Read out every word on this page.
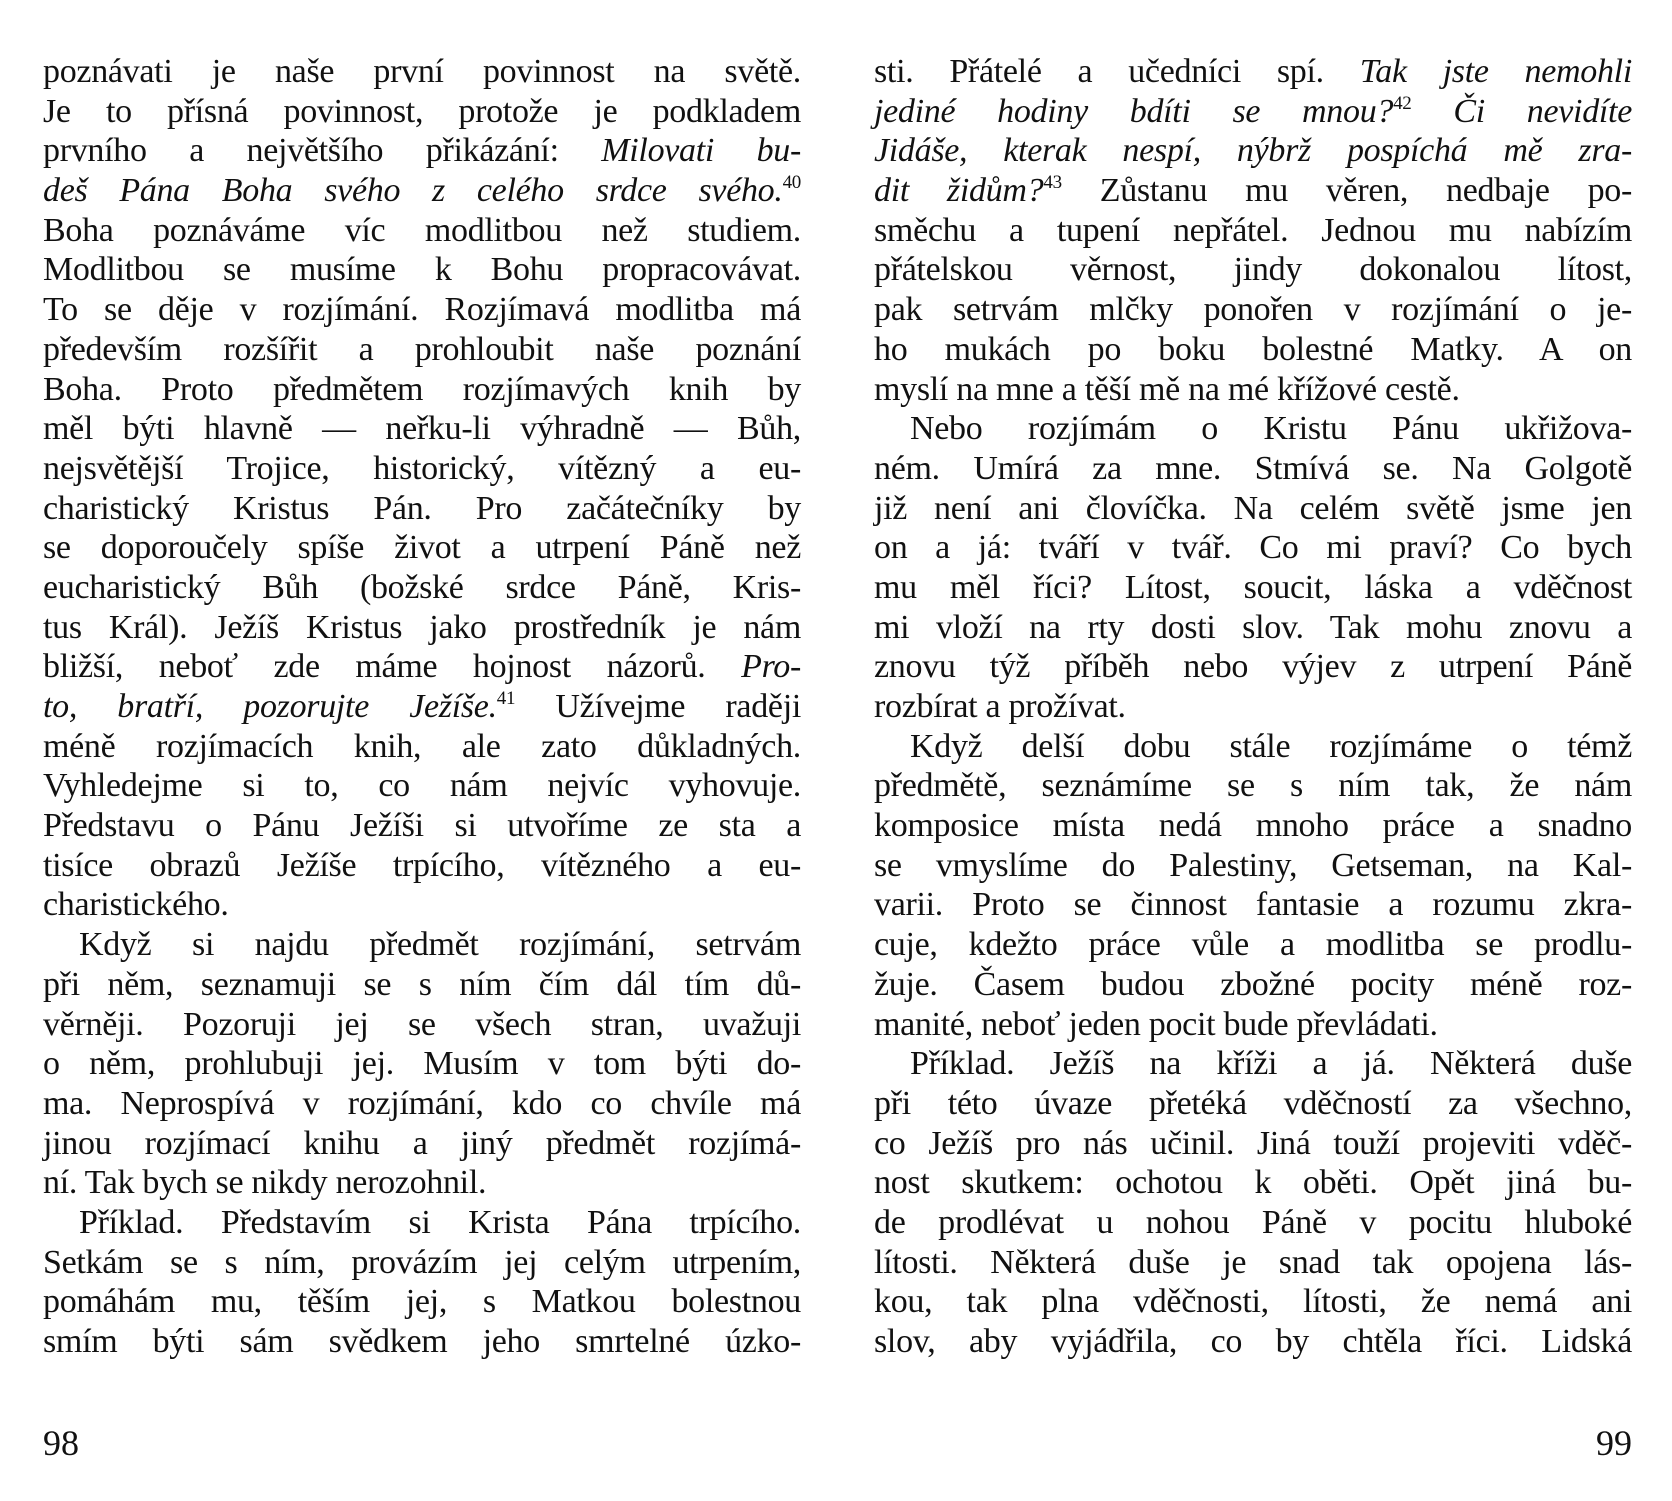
poznávati je naše první povinnost na světě.
Je to přísná povinnost, protože je podkladem
prvního a největšího přikázání: Milovati bu-
deš Pána Boha svého z celého srdce svého.$^{40}$
Boha poznáváme víc modlitbou než studiem.
Modlitbou se musíme k Bohu propracovávat.
To se děje v rozjímání. Rozjímavá modlitba má
především rozšířit a prohloubit naše poznání
Boha. Proto předmětem rozjímavých knih by
měl býti hlavně — neřku-li výhradně — Bůh,
nejsvětější Trojice, historický, vítězný a eu-
charistický Kristus Pán. Pro začátečníky by
se doporoučely spíše život a utrpení Páně než
eucharistický Bůh (božské srdce Páně, Kris-
tus Král). Ježíš Kristus jako prostředník je nám
bližší, neboť zde máme hojnost názorů. Pro-
to, bratří, pozorujte Ježíše.$^{41}$ Užívejme raději
méně rozjímacích knih, ale zato důkladných.
Vyhledejme si to, co nám nejvíc vyhovuje.
Představu o Pánu Ježíši si utvoříme ze sta a
tisíce obrazů Ježíše trpícího, vítězného a eu-
charistického.
Když si najdu předmět rozjímání, setrvám
při něm, seznamuji se s ním čím dál tím dů-
věrněji. Pozoruji jej se všech stran, uvažuji
o něm, prohlubuji jej. Musím v tom býti do-
ma. Neprospívá v rozjímání, kdo co chvíle má
jinou rozjímací knihu a jiný předmět rozjímá-
ní. Tak bych se nikdy nerozohnil.
Příklad. Představím si Krista Pána trpícího.
Setkám se s ním, provázím jej celým utrpením,
pomáhám mu, těším jej, s Matkou bolestnou
smím býti sám svědkem jeho smrtelné úzko-
sti. Přátelé a učedníci spí. Tak jste nemohli
jediné hodiny bdíti se mnou?$^{42}$ Či nevidíte
Jidáše, kterak nespí, nýbrž pospíchá mě zra-
dit židům?$^{43}$ Zůstanu mu věren, nedbaje po-
směchu a tupení nepřátel. Jednou mu nabízím
přátelskou věrnost, jindy dokonalou lítost,
pak setrvám mlčky ponořen v rozjímání o je-
ho mukách po boku bolestné Matky. A on
myslí na mne a těší mě na mé křížové cestě.
Nebo rozjímám o Kristu Pánu ukřižova-
ném. Umírá za mne. Stmívá se. Na Golgotě
již není ani človíčka. Na celém světě jsme jen
on a já: tváří v tvář. Co mi praví? Co bych
mu měl říci? Lítost, soucit, láska a vděčnost
mi vloží na rty dosti slov. Tak mohu znovu a
znovu týž příběh nebo výjev z utrpení Páně
rozbírat a prožívat.
Když delší dobu stále rozjímáme o témž
předmětě, seznámíme se s ním tak, že nám
komposice místa nedá mnoho práce a snadno
se vmyslíme do Palestiny, Getseman, na Kal-
varii. Proto se činnost fantasie a rozumu zkra-
cuje, kdežto práce vůle a modlitba se prodlu-
žuje. Časem budou zbožné pocity méně roz-
manité, neboť jeden pocit bude převládati.
Příklad. Ježíš na kříži a já. Některá duše
při této úvaze přetéká vděčností za všechno,
co Ježíš pro nás učinil. Jiná touží projeviti vděč-
nost skutkem: ochotou k oběti. Opět jiná bu-
de prodlévat u nohou Páně v pocitu hluboké
lítosti. Některá duše je snad tak opojena lás-
kou, tak plna vděčnosti, lítosti, že nemá ani
slov, aby vyjádřila, co by chtěla říci. Lidská
98	99
